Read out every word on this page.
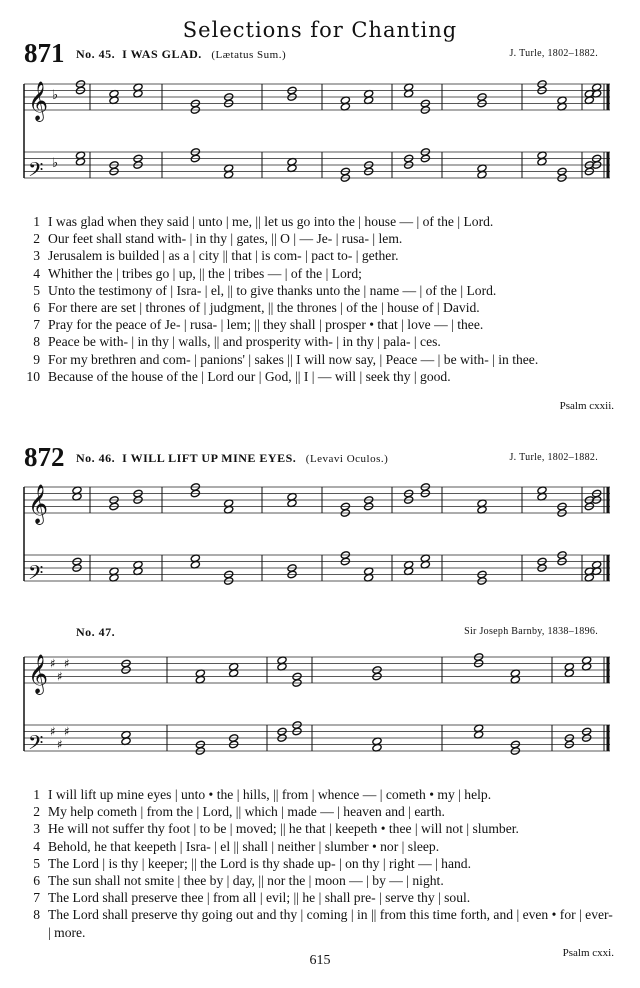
Selections for Chanting
871 No. 45. I WAS GLAD. (Lætatus Sum.)	J. Turle, 1802–1882.
𝄞 ♭
𝄢 ♭
1 I was glad when they said | unto | me, || let us go into the | house — | of the | Lord.
2 Our feet shall stand with- | in thy | gates, || O | — Je- | rusa- | lem.
3 Jerusalem is builded | as a | city || that | is com- | pact to- | gether.
4 Whither the | tribes go | up, || the | tribes — | of the | Lord;
5 Unto the testimony of | Isra- | el, || to give thanks unto the | name — | of the | Lord.
6 For there are set | thrones of | judgment, || the thrones | of the | house of | David.
7 Pray for the peace of Je- | rusa- | lem; || they shall | prosper • that | love — | thee.
8 Peace be with- | in thy | walls, || and prosperity with- | in thy | pala- | ces.
9 For my brethren and com- | panions' | sakes || I will now say, | Peace — | be with- | in thee.
10 Because of the house of the | Lord our | God, || I | — will | seek thy | good.
Psalm cxxii.
872 No. 46. I WILL LIFT UP MINE EYES. (Levavi Oculos.)	J. Turle, 1802–1882.
𝄞
𝄢
No. 47.	Sir Joseph Barnby, 1838–1896.
𝄞 ♯
♯
♯
𝄢 ♯
♯
♯
1 I will lift up mine eyes | unto • the | hills, || from | whence — | cometh • my | help.
2 My help cometh | from the | Lord, || which | made — | heaven and | earth.
3 He will not suffer thy foot | to be | moved; || he that | keepeth • thee | will not | slumber.
4 Behold, he that keepeth | Isra- | el || shall | neither | slumber • nor | sleep.
5 The Lord | is thy | keeper; || the Lord is thy shade up- | on thy | right — | hand.
6 The sun shall not smite | thee by | day, || nor the | moon — | by — | night.
7 The Lord shall preserve thee | from all | evil; || he | shall pre- | serve thy | soul.
8 The Lord shall preserve thy going out and thy | coming | in || from this time forth, and | even • for | ever- | more.
Psalm cxxi.
615
